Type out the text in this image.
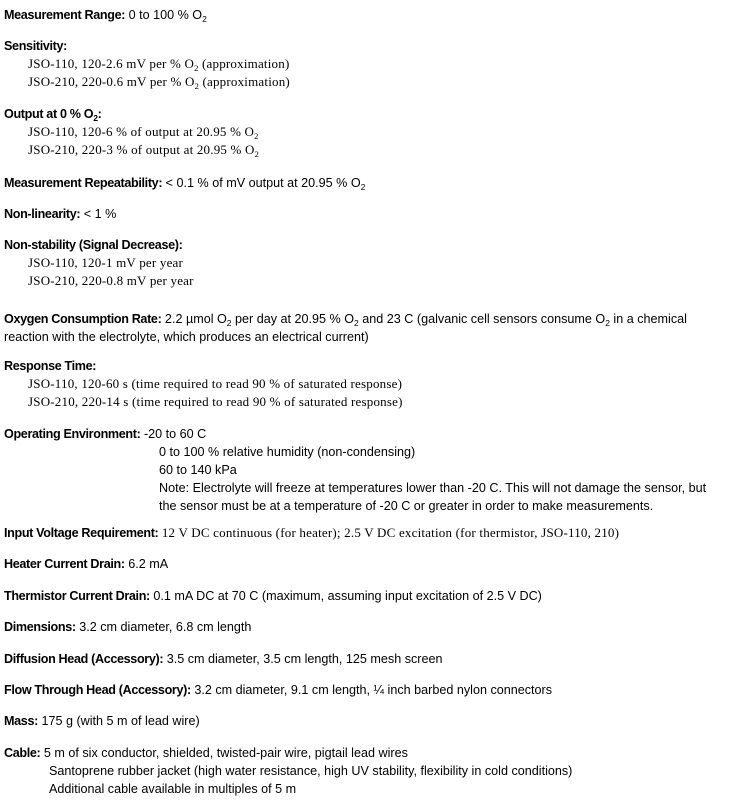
Measurement Range: 0 to 100 % $O_2$
Sensitivity:
JSO-110, 120-2.6 mV per % $O_2$ (approximation)
JSO-210, 220-0.6 mV per % $O_2$ (approximation)
Output at 0 % $O_2$:
JSO-110, 120-6 % of output at 20.95 % $O_2$
JSO-210, 220-3 % of output at 20.95 % $O_2$
Measurement Repeatability: < 0.1 % of mV output at 20.95 % $O_2$
Non-linearity: < 1 %
Non-stability (Signal Decrease):
JSO-110, 120-1 mV per year
JSO-210, 220-0.8 mV per year
Oxygen Consumption Rate: 2.2 µmol $O_2$ per day at 20.95 % $O_2$ and 23 C (galvanic cell sensors consume $O_2$ in a chemical
reaction with the electrolyte, which produces an electrical current)
Response Time:
JSO-110, 120-60 s (time required to read 90 % of saturated response)
JSO-210, 220-14 s (time required to read 90 % of saturated response)
Operating Environment: -20 to 60 C
0 to 100 % relative humidity (non-condensing)
60 to 140 kPa
Note: Electrolyte will freeze at temperatures lower than -20 C. This will not damage the sensor, but
the sensor must be at a temperature of -20 C or greater in order to make measurements.
Input Voltage Requirement: 12 V DC continuous (for heater); 2.5 V DC excitation (for thermistor, JSO-110, 210)
Heater Current Drain: 6.2 mA
Thermistor Current Drain: 0.1 mA DC at 70 C (maximum, assuming input excitation of 2.5 V DC)
Dimensions: 3.2 cm diameter, 6.8 cm length
Diffusion Head (Accessory): 3.5 cm diameter, 3.5 cm length, 125 mesh screen
Flow Through Head (Accessory): 3.2 cm diameter, 9.1 cm length, ¼ inch barbed nylon connectors
Mass: 175 g (with 5 m of lead wire)
Cable: 5 m of six conductor, shielded, twisted-pair wire, pigtail lead wires
Santoprene rubber jacket (high water resistance, high UV stability, flexibility in cold conditions)
Additional cable available in multiples of 5 m
